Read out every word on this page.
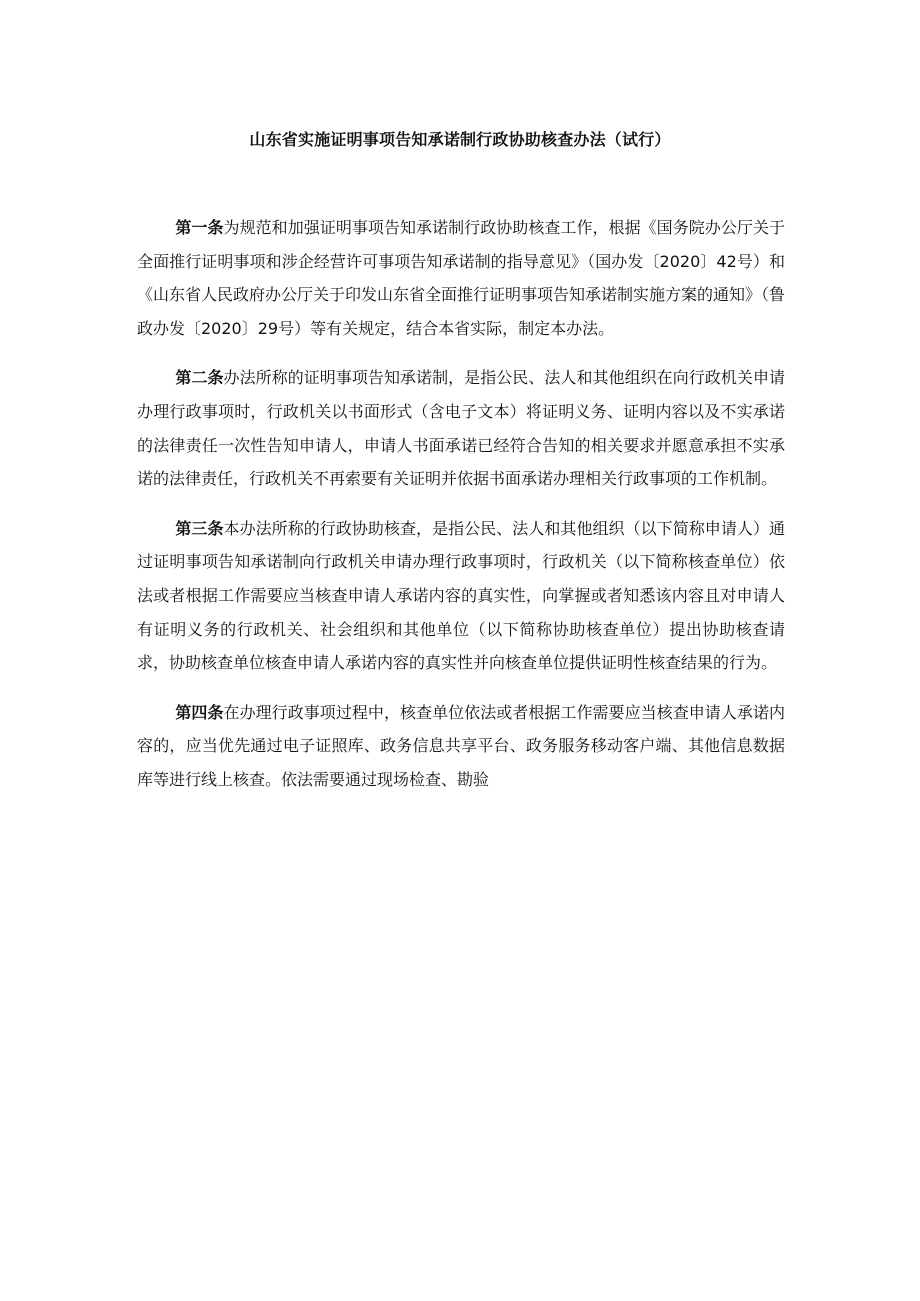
山东省实施证明事项告知承诺制行政协助核查办法（试行）

第一条为规范和加强证明事项告知承诺制行政协助核查工作，根据《国务院办公厅关于全面推行证明事项和涉企经营许可事项告知承诺制的指导意见》（国办发〔2020〕42号）和《山东省人民政府办公厅关于印发山东省全面推行证明事项告知承诺制实施方案的通知》（鲁政办发〔2020〕29号）等有关规定，结合本省实际，制定本办法。

第二条办法所称的证明事项告知承诺制，是指公民、法人和其他组织在向行政机关申请办理行政事项时，行政机关以书面形式（含电子文本）将证明义务、证明内容以及不实承诺的法律责任一次性告知申请人，申请人书面承诺已经符合告知的相关要求并愿意承担不实承诺的法律责任，行政机关不再索要有关证明并依据书面承诺办理相关行政事项的工作机制。

第三条本办法所称的行政协助核查，是指公民、法人和其他组织（以下简称申请人）通过证明事项告知承诺制向行政机关申请办理行政事项时，行政机关（以下简称核查单位）依法或者根据工作需要应当核查申请人承诺内容的真实性，向掌握或者知悉该内容且对申请人有证明义务的行政机关、社会组织和其他单位（以下简称协助核查单位）提出协助核查请求，协助核查单位核查申请人承诺内容的真实性并向核查单位提供证明性核查结果的行为。

第四条在办理行政事项过程中，核查单位依法或者根据工作需要应当核查申请人承诺内容的，应当优先通过电子证照库、政务信息共享平台、政务服务移动客户端、其他信息数据库等进行线上核查。依法需要通过现场检查、勘验
